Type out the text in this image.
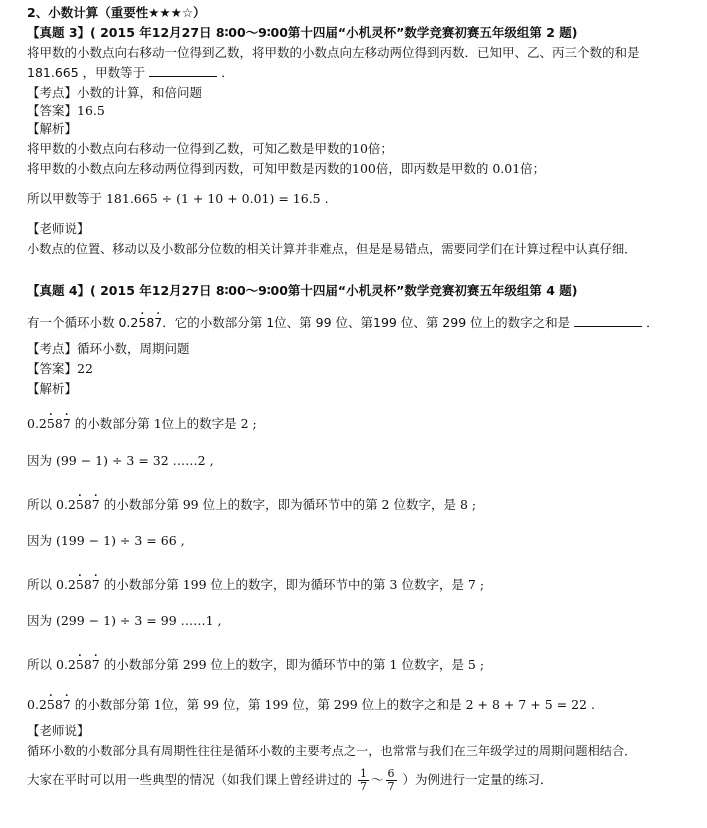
2、小数计算（重要性★★★☆）
【真题 3】( 2015 年12月27日 8∶00～9∶00第十四届“小机灵杯”数学竞赛初赛五年级组第 2 题)
将甲数的小数点向右移动一位得到乙数，将甲数的小数点向左移动两位得到丙数．已知甲、乙、丙三个数的和是
181.665 ，甲数等于	．
【考点】小数的计算，和倍问题
【答案】16.5
【解析】
将甲数的小数点向右移动一位得到乙数，可知乙数是甲数的10倍；
将甲数的小数点向左移动两位得到丙数，可知甲数是丙数的100倍，即丙数是甲数的 0.01倍；
所以甲数等于 181.665 ÷ (1 + 10 + 0.01) = 16.5 .
【老师说】
小数点的位置、移动以及小数部分位数的相关计算并非难点，但是是易错点，需要同学们在计算过程中认真仔细．
【真题 4】( 2015 年12月27日 8∶00～9∶00第十四届“小机灵杯”数学竞赛初赛五年级组第 4 题)
有一个循环小数 0.25 ·87 ·．它的小数部分第 1位、第 99 位、第199 位、第 299 位上的数字之和是	．
【考点】循环小数，周期问题
【答案】22
【解析】
0.25 ·87 · 的小数部分第 1位上的数字是 2 ;
因为 (99 − 1) ÷ 3 = 32 ……2 ,
所以 0.25 ·87 · 的小数部分第 99 位上的数字，即为循环节中的第 2 位数字，是 8 ;
因为 (199 − 1) ÷ 3 = 66 ,
所以 0.25 ·87 · 的小数部分第 199 位上的数字，即为循环节中的第 3 位数字，是 7 ;
因为 (299 − 1) ÷ 3 = 99 ……1 ,
所以 0.25 ·87 · 的小数部分第 299 位上的数字，即为循环节中的第 1 位数字，是 5 ;
0.25 ·87 · 的小数部分第 1位，第 99 位，第 199 位，第 299 位上的数字之和是 2 + 8 + 7 + 5 = 22 .
【老师说】
循环小数的小数部分具有周期性往往是循环小数的主要考点之一，也常常与我们在三年级学过的周期问题相结合．
大家在平时可以用一些典型的情况（如我们课上曾经讲过的 $\frac{1}{7}$ ～ $\frac{6}{7}$ ）为例进行一定量的练习．
